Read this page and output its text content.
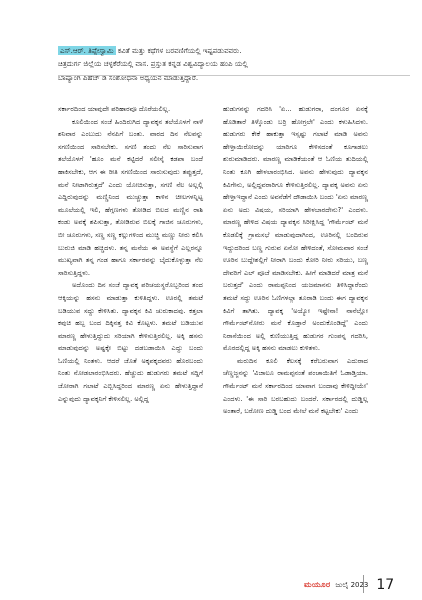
ಎಸ್.ಆರ್. ತಿಪ್ಪೇಸ್ವಾಮಿ ಕವಿತೆ ಮತ್ತು ಕಥೆಗಳ ಬರವಣಿಗೆಯಲ್ಲಿ ಇಷ್ಟಪಡುವವರು.
ಚಿತ್ರದುರ್ಗ ಜಿಲ್ಲೆಯ ಚಳ್ಳಕೆರೆಯಲ್ಲಿ ವಾಸ. ಪ್ರಸ್ತುತ ಕನ್ನಡ ವಿಶ್ವವಿದ್ಯಾಲಯ ಹಂಪಿ ಯಲ್ಲಿ
ಬಾಷ್ಯಾಂಗಿ ಪಿಹೆಚ್ ಡಿ ಸಂಶೋಧನಾ ಅಧ್ಯಯನ ಮಾಡುತ್ತಿದ್ದಾರೆ.

ಸರ್ಕಾರದಿಂದ ಯಾವುದೇ ಪರಿಹಾರವೂ ದೊರೆಯಲಿಲ್ಲ.

ಕೂಲಿಯಿಂದ ಸಂಜೆ ಹಿಂದಿರುಗಿದ ದ್ಯಾವಕ್ಕನ ತಲೆಯೊಳಗೆ ನಾಳೆ ಶನಿವಾರ ಎಂಬುದು ನೆನಪಿಗೆ ಬಂತು. ವಾರದ ದಿನ ನೆಲವನ್ನು ಸಗಣಿಯಿಂದ ಸಾರಿಸಬೇಕು. ಸಗಣಿ ತಂದು ನೆಲ ಸಾರಿಸುವಾಗ ತಲೆಯೊಳಗೆ 'ಹೂಂ ಮನೆ ಕಟ್ಟಿದರೆ ಸಲೀಸ್ಕೆ ಕಡಪಾ ಬಂದೆ ಹಾಕಿಸಬೇಕು, ಆಗ ಈ ರೀತಿ ಸಗಣಿಯಿಂದ ಸಾರುಸುವುದು ತಪ್ಪುತ್ತದೆ, ಮನೆ ನೀಟಾಗಿರುತ್ತದೆ' ಎಂದು ಯೋಚಿಸುತ್ತಾ, ಸಗಣಿ ನೆಲ ಅಲ್ಲಲ್ಲಿ ಎದ್ದಿರುವುದನ್ನು ಮಣ್ಣಿನಿಂದ ಮುಚ್ಚುತ್ತಾ ಕಾಳಿನ ಚೀಲಗಳನ್ನಿಟ್ಟ ಮೂಲೆಯಲ್ಲಿ ಇಲಿ, ಹೆಗ್ಗಣಗಳು ತೋಡಿದ ಬಿಲದ ಮಣ್ಣಿನ ರಾಶಿ ಕಂಡು ಅವಕ್ಕೆ ಶಪಿಸುತ್ತಾ, ತೋಡಿರುವ ಬಿಲಕ್ಕೆ ಗಾಜಿನ ಚೂರುಗಳು, ಬೀ ಚೂರುಗಳು, ಸಣ್ಣ ಸಣ್ಣ ಕಲ್ಲುಗಳಿಂದ ಮುಚ್ಚಿ ಮಣ್ಣು ನೀರು ಕಲಿಸಿ ಬುರುಜಿ ಮಾಡಿ ಹಚ್ಚಿದಳು. ತನ್ನ ಮನೆಯ ಈ ಅವಸ್ಥೆಗೆ ಎಲ್ಲರನ್ನೂ ಮುಖ್ಯವಾಗಿ ತನ್ನ ಗಂಡ ಹಾಗೂ ಸರ್ಕಾರವನ್ನು ಬೈದುಕೊಳ್ಳುತ್ತಾ ನೆಲ ಸಾರಿಸುತ್ತಿದ್ದಳು.

ಅದೊಂದು ದಿನ ಸಂಜೆ ದ್ಯಾವಕ್ಕ ಪರಿಚಯಸ್ಥರೊಬ್ಬರಿಂದ ತಂದ ಆಕ್ಕಿಯನ್ನು ಹಸನು ಮಾಡುತ್ತಾ ಕುಳಿತಿದ್ದಳು. ಊರಲ್ಲಿ ತಮಟೆ ಬಡಿಯುವ ಸದ್ದು ಕೇಳಿಸಿತು. ದ್ಯಾವಕ್ಕನ ಕಿವಿ ಚುರುಕಾದವು. ಕತ್ತಲಾ ಕವುಚಿ ಹಬ್ಬ ಬಂದ ದಿಕ್ಕಿನತ್ತ ಕಿವಿ ಕೊಟ್ಟಳು. ತಮಟೆ ಬಡಿಯುವ ಮಾರಣ್ಣ ಹೇಳುತ್ತಿದ್ದುದು ಸರಿಯಾಗಿ ಕೇಳಿಸುತ್ತಿರಲಿಲ್ಲ. ಅಕ್ಕಿ ಹಸನು ಮಾಡುವುದನ್ನು ಅಷ್ಟಕ್ಕೇ ಬಿಟ್ಟು ದಡಬಡಾಯಿಸಿ ಎದ್ದು ಬಂದು ಓಣಿಯಲ್ಲಿ ನಿಂತಳು. ಆದರೆ ಜೊತೆ ಅಕ್ಕಪಕ್ಕದವರು ಹೊರಬಂದು ನಿಂತು ನೋಡಲಾರಂಭಿಸಿದರು. ಹೆಚ್ಚುದು ಹುಡುಗರು ತಮಟೆ ಸದ್ದಿಗೆ ಜೋರಾಗಿ ಗಲಾಟೆ ಎಬ್ಬಿಸಿದ್ದರಿಂದ ಮಾರಣ್ಣ ಏನು ಹೇಳುತ್ತಿದ್ದಾನೆ ಎನ್ನುವುದು ದ್ಯಾವಕ್ಕನಿಗೆ ಕೇಳಿಸಲಿಲ್ಲ. ಅಲ್ಲಿದ್ದ

ಹುಡುಗನನ್ನು ಗದರಿಸಿ 'ಏ... ಹುಡುಗರಾ, ದಂಗೂರ ಏನಕ್ಕೆ ಹೊಡಿತಾರೆ ತಿಳ್ಕೊಂಡು ಬರ್ರಿ ಹೋಗ್ರಲೇ' ಎಂದು ಕಳುಹಿಸಿದಳು. ಹುಡುಗರು ಕೇಕೆ ಹಾಕುತ್ತಾ ಇಸ್ಸಷ್ಟು ಗಲಾಟೆ ಮಾಡಿ ಅವನು ಹೇಳ್ತಾಯಿರೋದನ್ನು ಯಾರಿಗೂ ಕೇಳಿಸದಂತೆ ಕೂಗಾಡಲು ಶುರುಮಾಡಿದರು. ಮಾರಣ್ಣ ಮಾಡಿಕೆಯಂತೆ ಆ ಓಣಿಯ ತುದಿಯಲ್ಲಿ ನಿಂತು ಕೂಗಿ ಹೇಳಲಾರಂಭಿಸಿದ. ಅವನು ಹೇಳುವುದು ದ್ಯಾವಕ್ಕನ ಕಿವಿಗೇನು, ಅಲ್ಲಿದ್ದವರಾರಿಗೂ ಕೇಳಿಸುತ್ತಿರಲಿಲ್ಲ. ದ್ಯಾವಕ್ಕ ಅವನು ಏನು ಹೇಳ್ತಾಇದ್ದಾನೆ ಎಂದು ಅವನೆಡೆಗೆ ದೌಡಾಯಿಸಿ ಬಂದು 'ಏನು ಮಾರಣ್ಣ ಏನು ಅದು ವಿಷಯ, ಸರಿಯಾಗಿ ಹೇಳಬಾರದೇನು?' ಎಂದಳು. ಮಾರಣ್ಣ ಹೇಳಿದ ವಿಷಯ ದ್ಯಾವಕ್ಕನ ಸಿರೀಕ್ಷಿಸಿದ್ದ 'ಗೌರ್ಮೆಂಟ್ ಮನೆ ಕೊಡಲಿಕ್ಕೆ ಗ್ರಾಮಸಭೆ ಮಾಡುವುದಾಗಿಂದ, ಊರಿನಲ್ಲಿ ಬಂದಿರುವ ಇದ್ದುದರಿಂದ ಬಣ್ಣ ಗುರುವ ಏನೋ ಹೇಳಿದಂತೆ, ಸೋಮವಾರ ಸಂಜೆ ಊರಿನ ಬುದ್ದೇಶಲ್ಲಿಗೆ ನೀರಾಗಿ ಬಂದು ಕೋರಿ ನೀರು ಸರಿಯು, ಬಣ್ಣ ದೇವರಿಗೆ ಎಲ್ ಪೂಜೆ ಮಾಡಿಸಬೇಕು. ಹೀಗೆ ಮಾಡಿದರೆ ಮಾತ್ರ ಮನೆ ಬರುತ್ತದೆ' ಎಂದು ರಾಮಪ್ಪನಿಂದ ಯಜಮಾನನು ತಿಳಿಸಿದ್ದಾರೆಂದು ತಮಟೆ ಸದ್ದು ಊರಿನ ಓಣಿಗಳಲ್ಲಾ ತೂರಾಡಿ ಬಂದು ಈಗ ದ್ಯಾವಕ್ಕನ ಕಿವಿಗೆ ತಾಗಿತು. ದ್ಯಾವಕ್ಕ 'ಅಯ್ಯೋ ಇಷ್ಟೇನಾ! ನಾನೆಲ್ಲೋ ಗೌರ್ಮೆಂಟ್‌ನೋರು ಮನೆ ಕೊಡ್ತಾರೆ ಅಂದುಕೊಂಡಿದ್ದೆ' ಎಂದು ನಿರಾಸೆಯಿಂದ ಅಲ್ಲಿ ಕುಣಿಯುತ್ತಿದ್ದ ಹುಡುಗರ ಗುಂಪನ್ನ ಗದರಿಸಿ, ಮೊರದಲ್ಲಿದ್ದ ಅಕ್ಕಿ ಹಸನು ಮಾಡಲು ಕುಳಿತಳು.

ಮರುದಿನ ಕೂಲಿ ಕೆಲಸಕ್ಕೆ ಕರೆಬರುವಾಗ ಎದುರಾದ ಚೆಣ್ಣಜ್ಜನನ್ನು 'ವಿಜಾಲೂ ರಾಮಪ್ಪನಂತೆ ಪಂಚಾಯಿತಿಗೆ ಓಡಾಡ್ತಿಯಾ. ಗೌರ್ಮೆಂಟ್ ಮನೆ ಸರ್ಕಾರದಿಂದ ಯಾವಾಗ ಬಂದಾವು ಕೇಳಿದ್ದೀಯೇ' ಎಂದಳು. 'ಈ ಸಾರಿ ಬರಬಹುದು ಬಂದರೆ. ಸರ್ಕಾರದಲ್ಲಿ ದುಡ್ಡಿಲ್ಲ ಅಂತಾರೆ, ಬರೋಣ ದುಡ್ಡಿ ಬಂದ ಮೇಲೆ ಮನೆ ಕಟ್ಟಬೇಕು' ಎಂದು

ಮಯೂರ ಜುಲೈ 2023 17
